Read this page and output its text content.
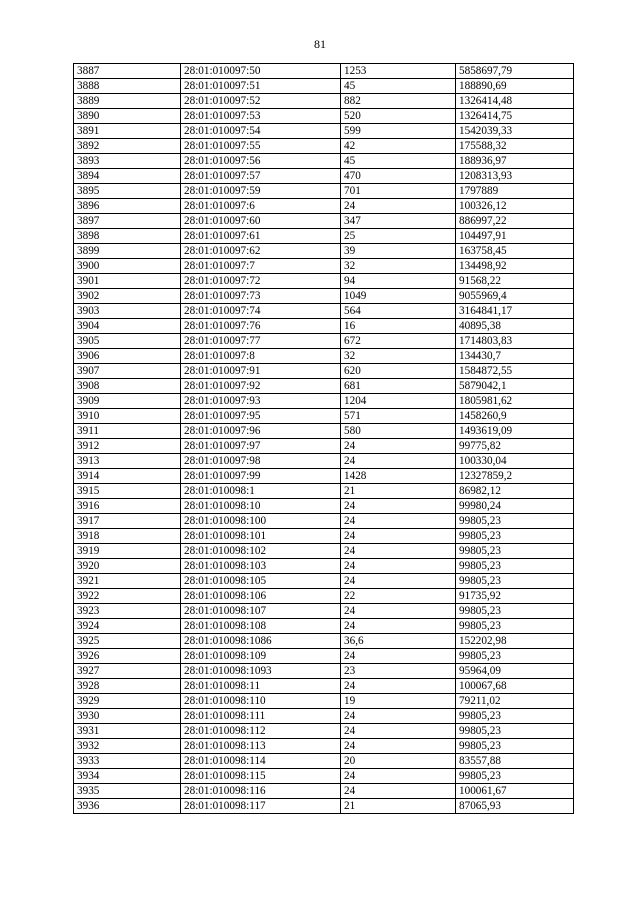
81
3887	28:01:010097:50	1253	5858697,79
3888	28:01:010097:51	45	188890,69
3889	28:01:010097:52	882	1326414,48
3890	28:01:010097:53	520	1326414,75
3891	28:01:010097:54	599	1542039,33
3892	28:01:010097:55	42	175588,32
3893	28:01:010097:56	45	188936,97
3894	28:01:010097:57	470	1208313,93
3895	28:01:010097:59	701	1797889
3896	28:01:010097:6	24	100326,12
3897	28:01:010097:60	347	886997,22
3898	28:01:010097:61	25	104497,91
3899	28:01:010097:62	39	163758,45
3900	28:01:010097:7	32	134498,92
3901	28:01:010097:72	94	91568,22
3902	28:01:010097:73	1049	9055969,4
3903	28:01:010097:74	564	3164841,17
3904	28:01:010097:76	16	40895,38
3905	28:01:010097:77	672	1714803,83
3906	28:01:010097:8	32	134430,7
3907	28:01:010097:91	620	1584872,55
3908	28:01:010097:92	681	5879042,1
3909	28:01:010097:93	1204	1805981,62
3910	28:01:010097:95	571	1458260,9
3911	28:01:010097:96	580	1493619,09
3912	28:01:010097:97	24	99775,82
3913	28:01:010097:98	24	100330,04
3914	28:01:010097:99	1428	12327859,2
3915	28:01:010098:1	21	86982,12
3916	28:01:010098:10	24	99980,24
3917	28:01:010098:100	24	99805,23
3918	28:01:010098:101	24	99805,23
3919	28:01:010098:102	24	99805,23
3920	28:01:010098:103	24	99805,23
3921	28:01:010098:105	24	99805,23
3922	28:01:010098:106	22	91735,92
3923	28:01:010098:107	24	99805,23
3924	28:01:010098:108	24	99805,23
3925	28:01:010098:1086	36,6	152202,98
3926	28:01:010098:109	24	99805,23
3927	28:01:010098:1093	23	95964,09
3928	28:01:010098:11	24	100067,68
3929	28:01:010098:110	19	79211,02
3930	28:01:010098:111	24	99805,23
3931	28:01:010098:112	24	99805,23
3932	28:01:010098:113	24	99805,23
3933	28:01:010098:114	20	83557,88
3934	28:01:010098:115	24	99805,23
3935	28:01:010098:116	24	100061,67
3936	28:01:010098:117	21	87065,93
